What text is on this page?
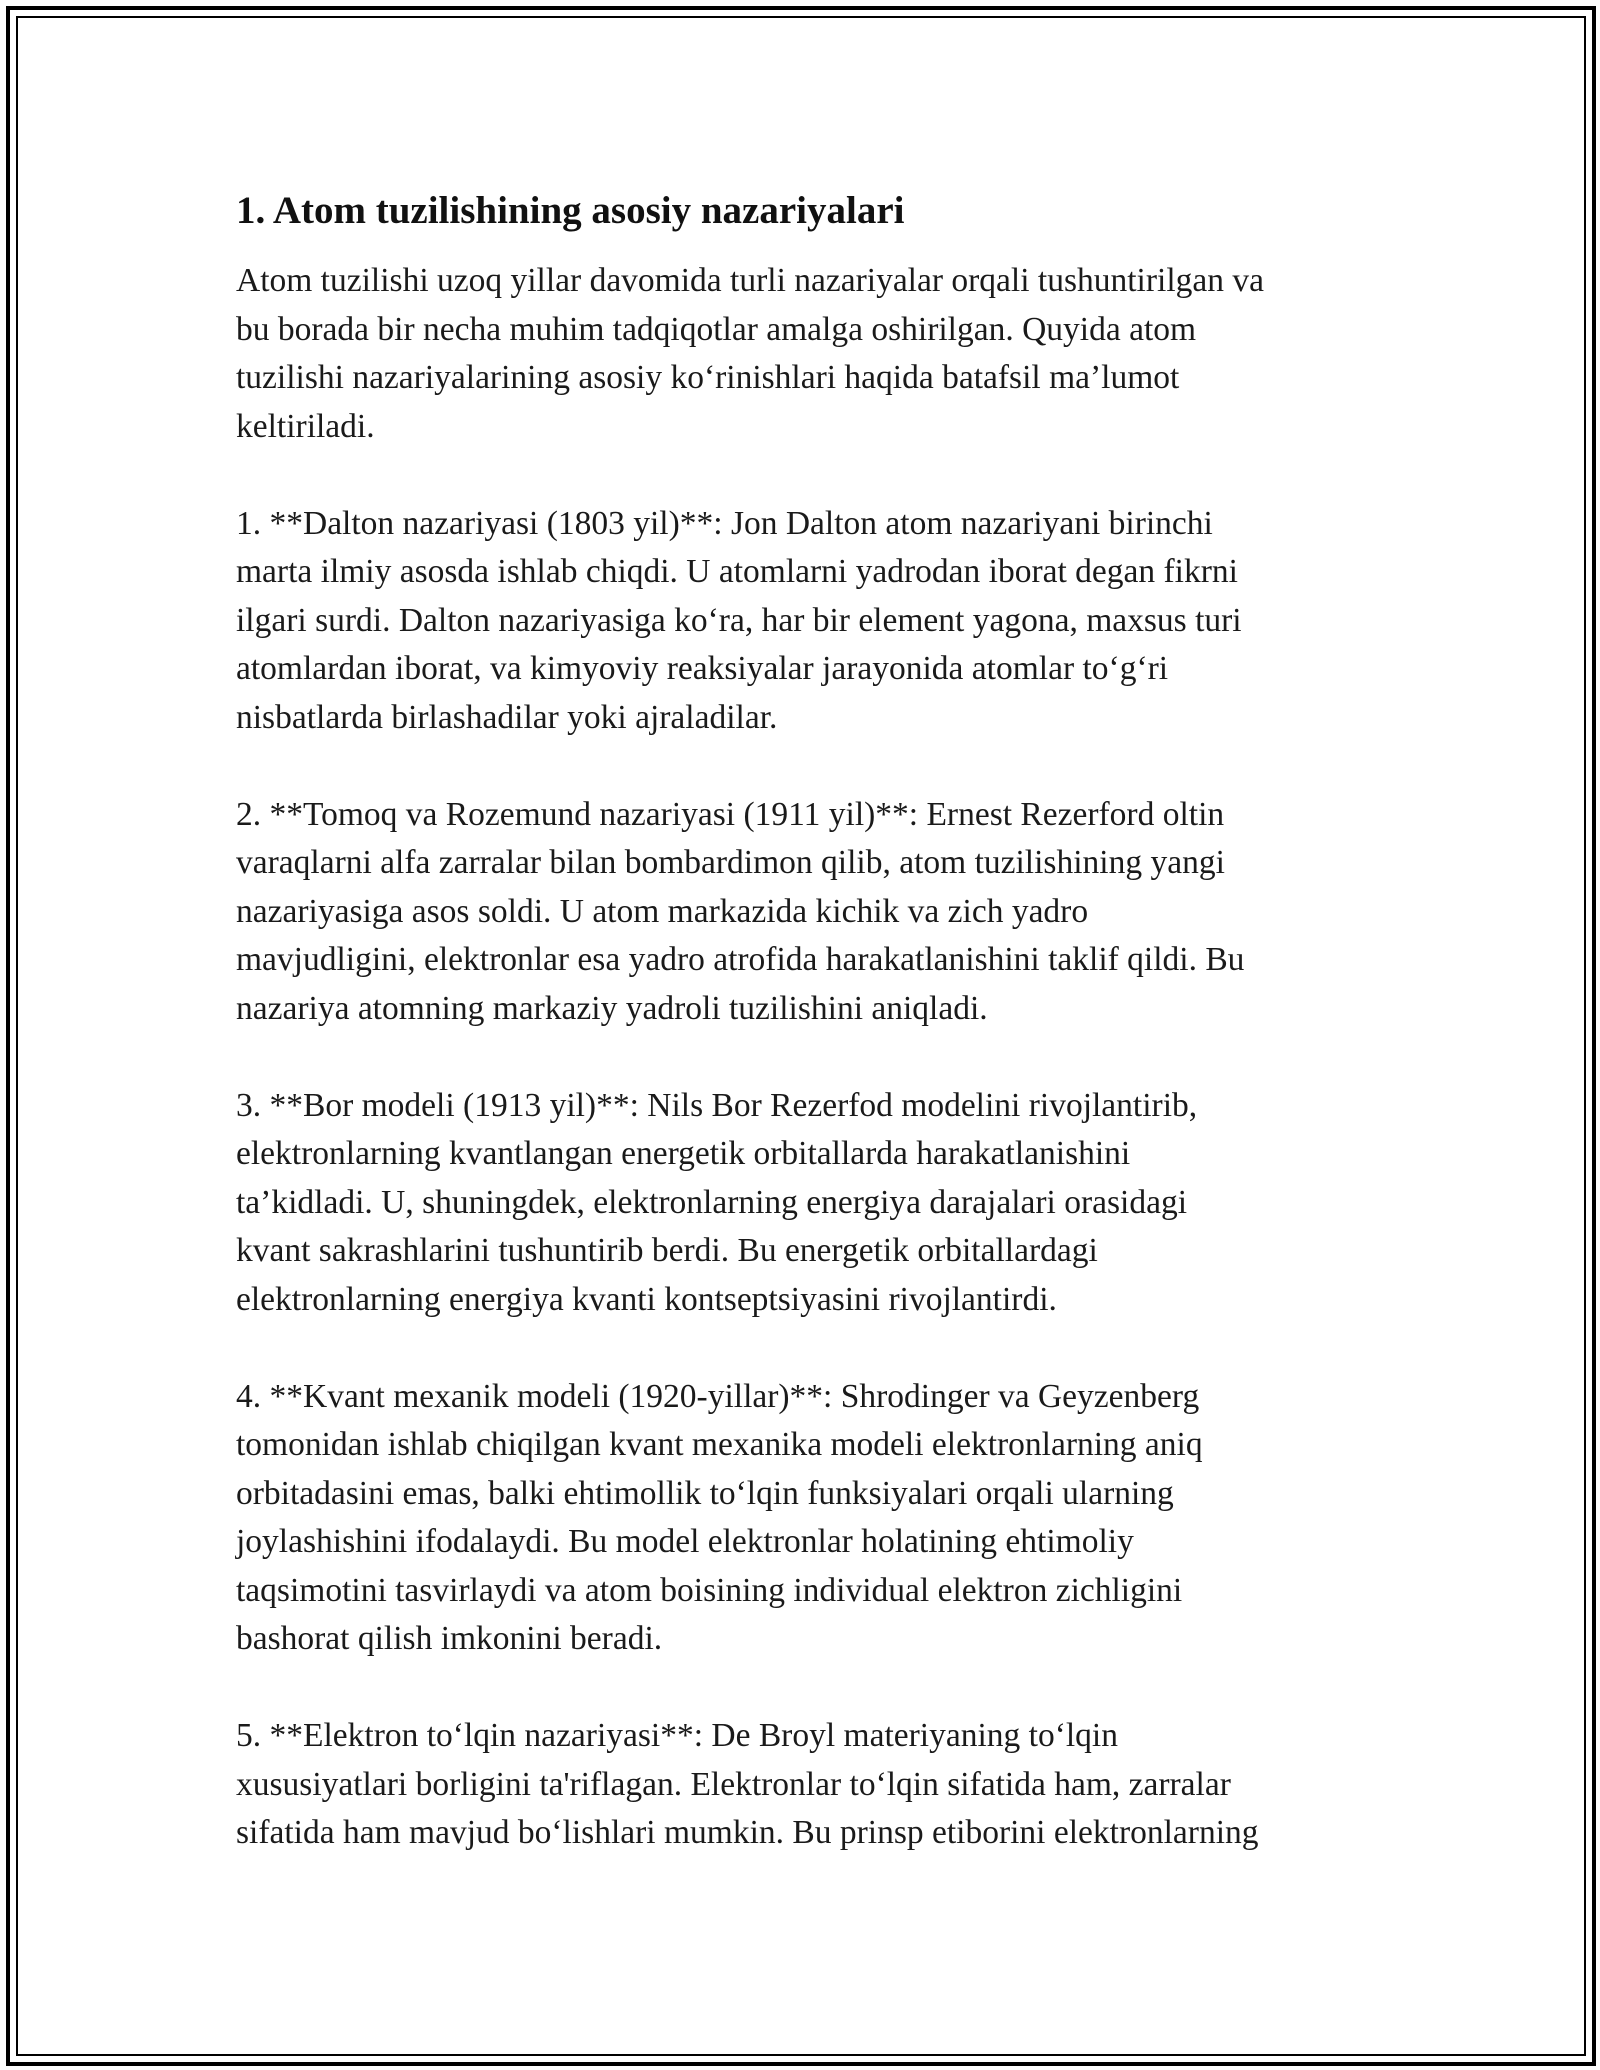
1. Atom tuzilishining asosiy nazariyalari

Atom tuzilishi uzoq yillar davomida turli nazariyalar orqali tushuntirilgan va
bu borada bir necha muhim tadqiqotlar amalga oshirilgan. Quyida atom
tuzilishi nazariyalarining asosiy ko‘rinishlari haqida batafsil ma’lumot
keltiriladi.

1. **Dalton nazariyasi (1803 yil)**: Jon Dalton atom nazariyani birinchi
marta ilmiy asosda ishlab chiqdi. U atomlarni yadrodan iborat degan fikrni
ilgari surdi. Dalton nazariyasiga ko‘ra, har bir element yagona, maxsus turi
atomlardan iborat, va kimyoviy reaksiyalar jarayonida atomlar to‘g‘ri
nisbatlarda birlashadilar yoki ajraladilar.

2. **Tomoq va Rozemund nazariyasi (1911 yil)**: Ernest Rezerford oltin
varaqlarni alfa zarralar bilan bombardimon qilib, atom tuzilishining yangi
nazariyasiga asos soldi. U atom markazida kichik va zich yadro
mavjudligini, elektronlar esa yadro atrofida harakatlanishini taklif qildi. Bu
nazariya atomning markaziy yadroli tuzilishini aniqladi.

3. **Bor modeli (1913 yil)**: Nils Bor Rezerfod modelini rivojlantirib,
elektronlarning kvantlangan energetik orbitallarda harakatlanishini
ta’kidladi. U, shuningdek, elektronlarning energiya darajalari orasidagi
kvant sakrashlarini tushuntirib berdi. Bu energetik orbitallardagi
elektronlarning energiya kvanti kontseptsiyasini rivojlantirdi.

4. **Kvant mexanik modeli (1920-yillar)**: Shrodinger va Geyzenberg
tomonidan ishlab chiqilgan kvant mexanika modeli elektronlarning aniq
orbitadasini emas, balki ehtimollik to‘lqin funksiyalari orqali ularning
joylashishini ifodalaydi. Bu model elektronlar holatining ehtimoliy
taqsimotini tasvirlaydi va atom boisining individual elektron zichligini
bashorat qilish imkonini beradi.

5. **Elektron to‘lqin nazariyasi**: De Broyl materiyaning to‘lqin
xususiyatlari borligini ta'riflagan. Elektronlar to‘lqin sifatida ham, zarralar
sifatida ham mavjud bo‘lishlari mumkin. Bu prinsp etiborini elektronlarning
